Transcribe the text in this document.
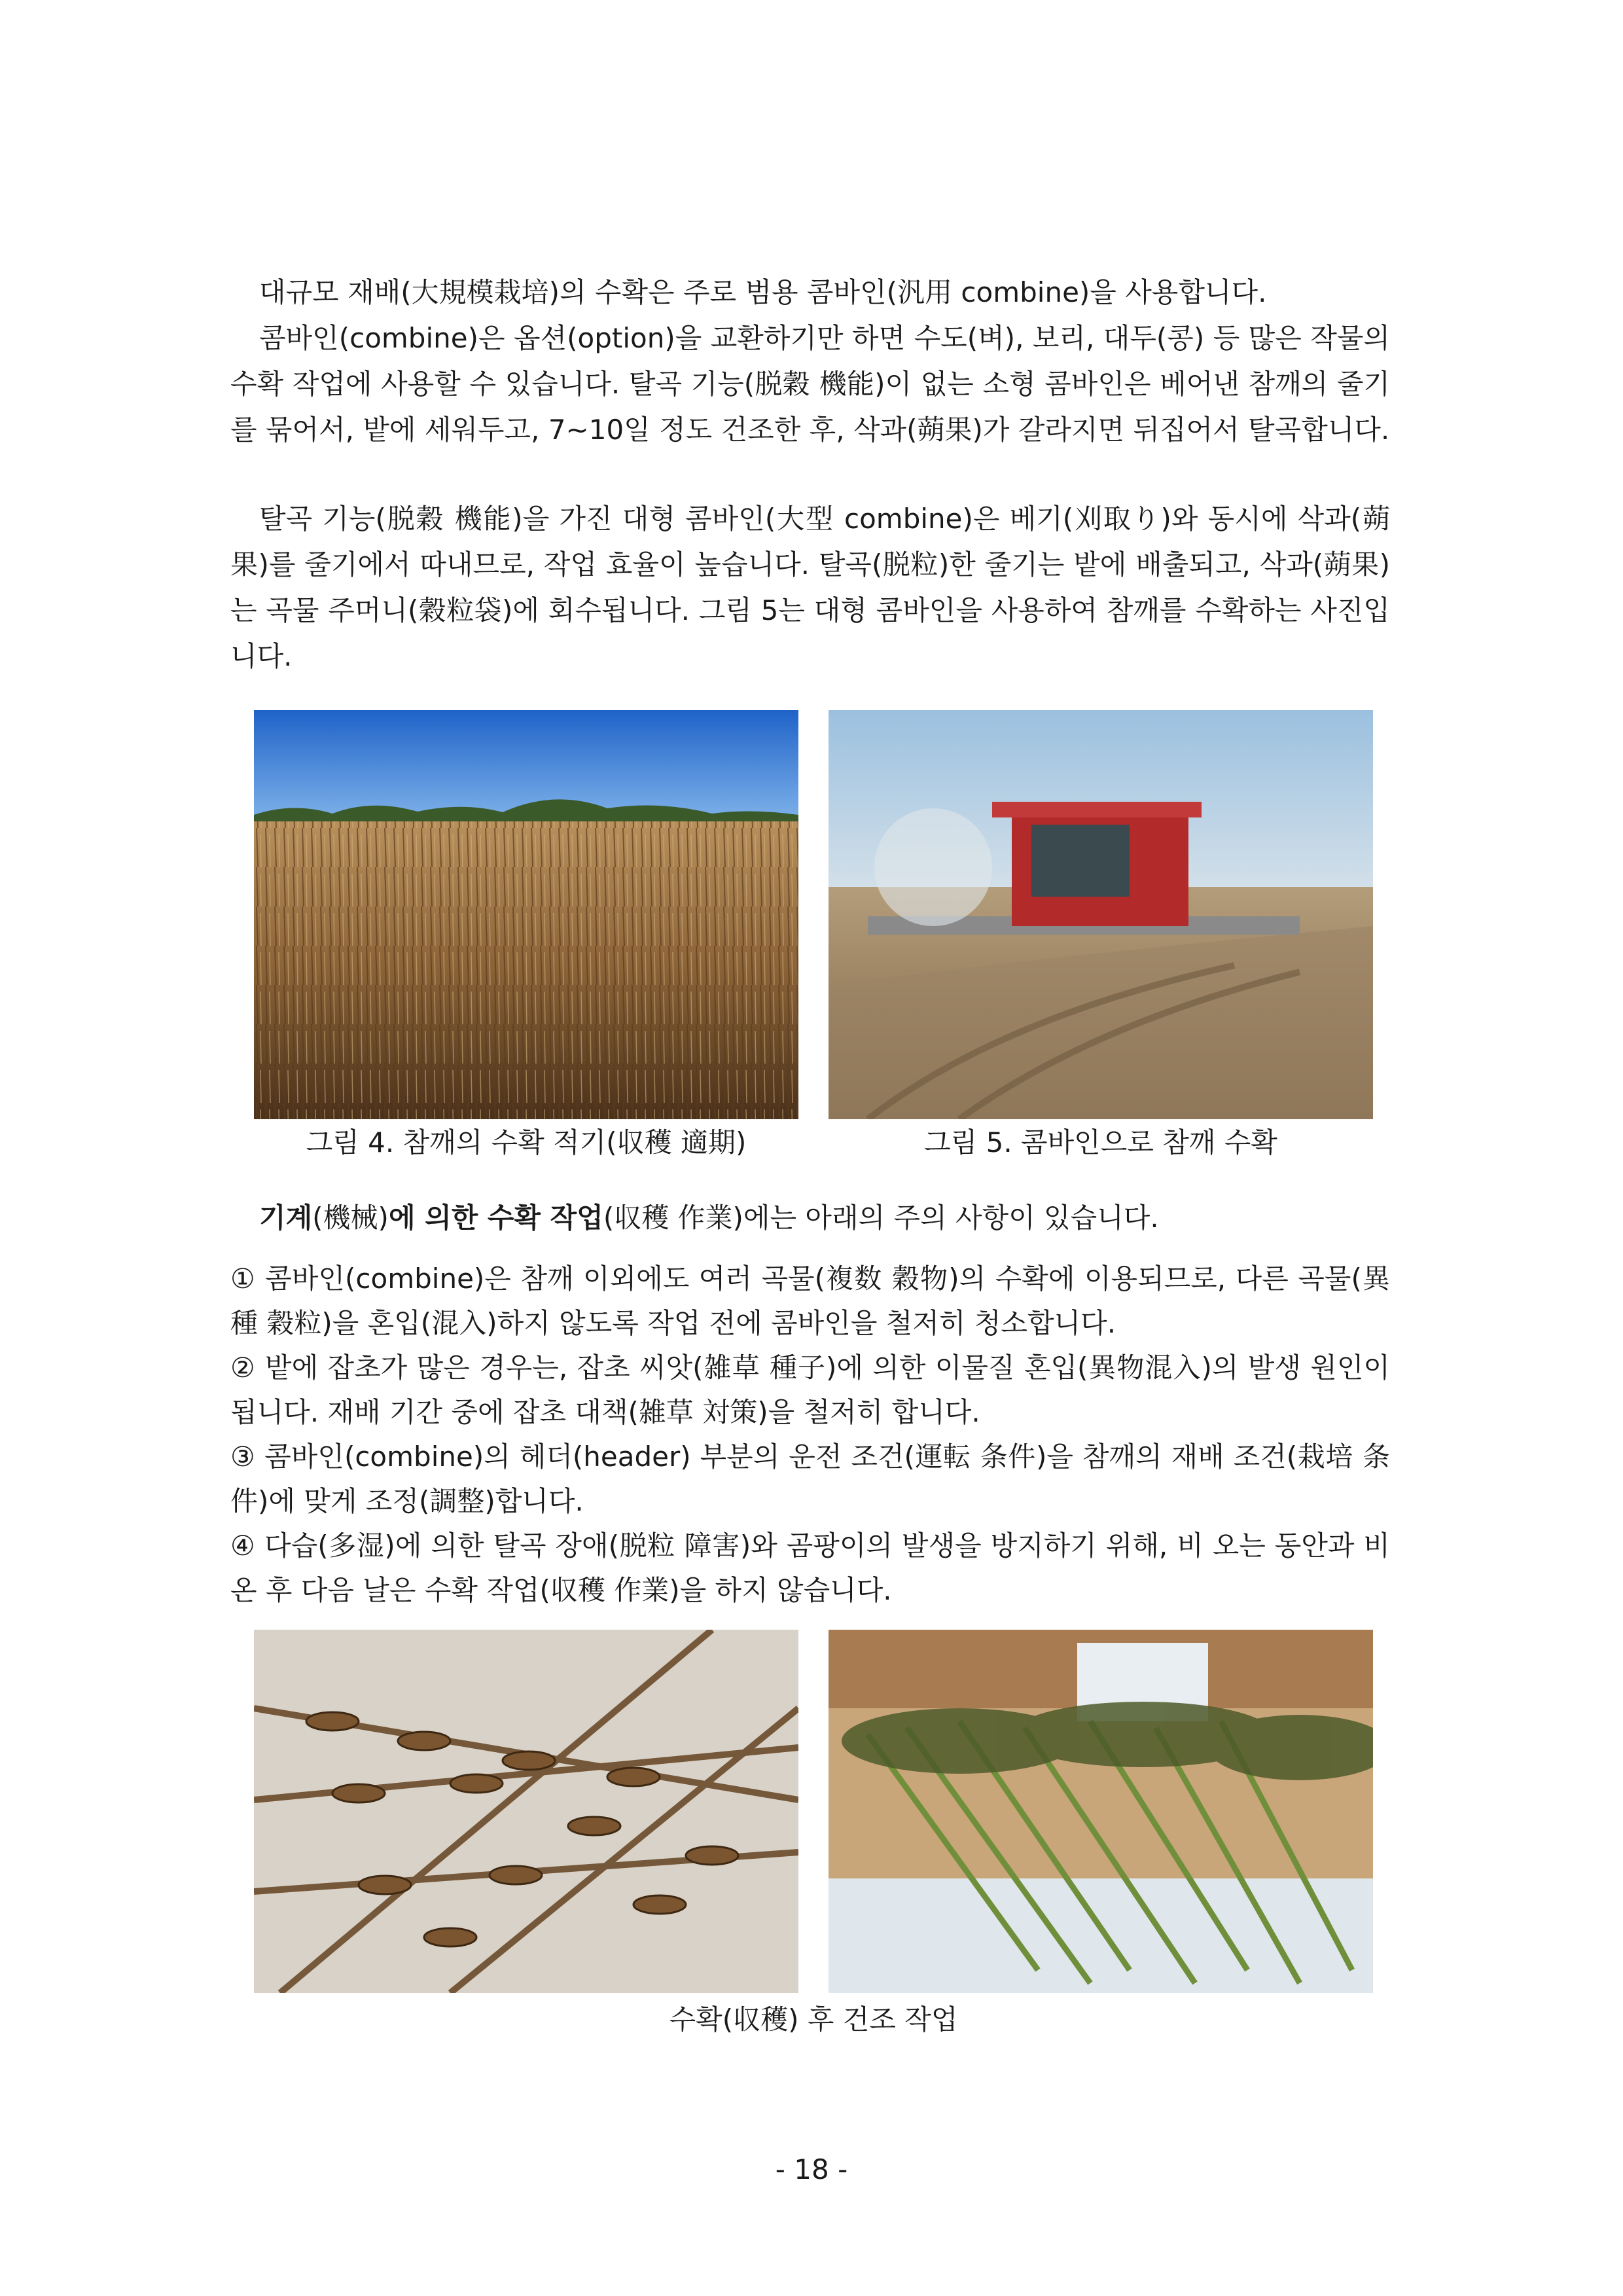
대규모 재배(大規模栽培)의 수확은 주로 범용 콤바인(汎用 combine)을 사용합니다.

콤바인(combine)은 옵션(option)을 교환하기만 하면 수도(벼), 보리, 대두(콩) 등 많은 작물의 수확 작업에 사용할 수 있습니다. 탈곡 기능(脱穀 機能)이 없는 소형 콤바인은 베어낸 참깨의 줄기를 묶어서, 밭에 세워두고, 7~10일 정도 건조한 후, 삭과(蒴果)가 갈라지면 뒤집어서 탈곡합니다.

탈곡 기능(脱穀 機能)을 가진 대형 콤바인(大型 combine)은 베기(刈取り)와 동시에 삭과(蒴果)를 줄기에서 따내므로, 작업 효율이 높습니다. 탈곡(脱粒)한 줄기는 밭에 배출되고, 삭과(蒴果)는 곡물 주머니(穀粒袋)에 회수됩니다. 그림 5는 대형 콤바인을 사용하여 참깨를 수확하는 사진입니다.

그림 4. 참깨의 수확 적기(収穫 適期)	그림 5. 콤바인으로 참깨 수확

기계(機械)에 의한 수확 작업(収穫 作業)에는 아래의 주의 사항이 있습니다.

① 콤바인(combine)은 참깨 이외에도 여러 곡물(複数 穀物)의 수확에 이용되므로, 다른 곡물(異種 穀粒)을 혼입(混入)하지 않도록 작업 전에 콤바인을 철저히 청소합니다.

② 밭에 잡초가 많은 경우는, 잡초 씨앗(雑草 種子)에 의한 이물질 혼입(異物混入)의 발생 원인이 됩니다. 재배 기간 중에 잡초 대책(雑草 対策)을 철저히 합니다.

③ 콤바인(combine)의 헤더(header) 부분의 운전 조건(運転 条件)을 참깨의 재배 조건(栽培 条件)에 맞게 조정(調整)합니다.

④ 다습(多湿)에 의한 탈곡 장애(脱粒 障害)와 곰팡이의 발생을 방지하기 위해, 비 오는 동안과 비 온 후 다음 날은 수확 작업(収穫 作業)을 하지 않습니다.

수확(収穫) 후 건조 작업
- 18 -
